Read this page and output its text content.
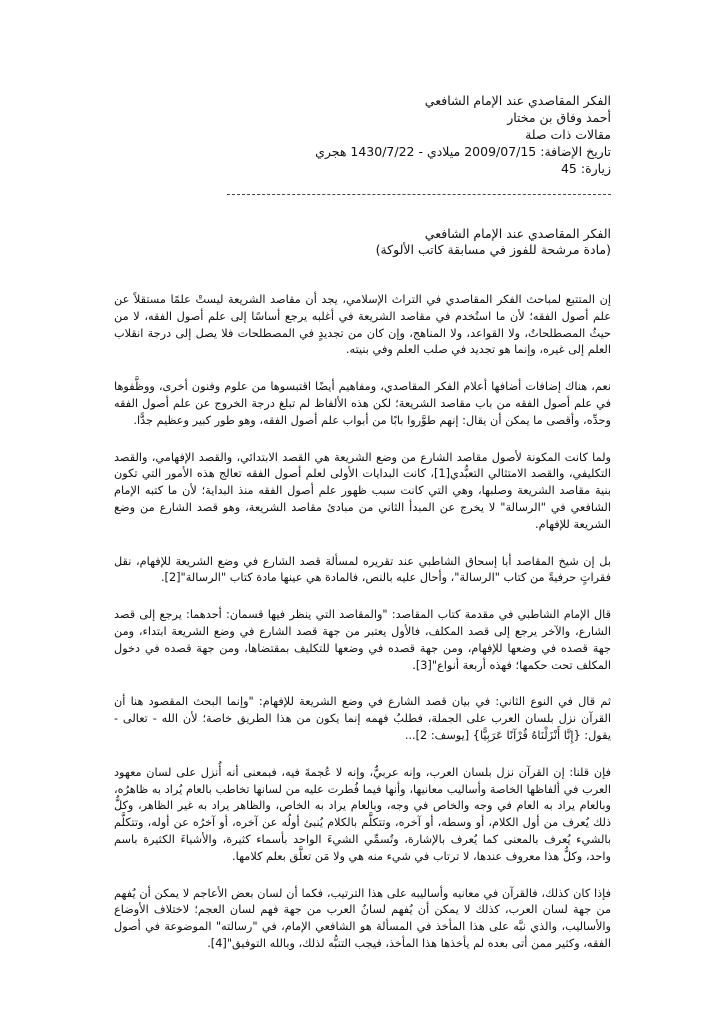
الفكر المقاصدي عند الإمام الشافعي
أحمد وفاق بن مختار
مقالات ذات صلة
تاريخ الإضافة: 2009/07/15 ميلادي - 1430/7/22 هجري
زيارة: 45
الفكر المقاصدي عند الإمام الشافعي
(مادة مرشحة للفوز في مسابقة كاتب الألوكة)

إن المتتبع لمباحث الفكر المقاصدي في التراث الإسلامي، يجد أن مقاصد الشريعة ليستْ علمًا مستقلاً عن علم أصول الفقه؛ لأن ما استُخدم في مقاصد الشريعة في أغلبه يرجع أساسًا إلى علم أصول الفقه، لا من حيثُ المصطلحاتُ، ولا القواعد، ولا المناهج، وإن كان من تجديدٍ في المصطلحات فلا يصل إلى درجة انقلاب العلم إلى غيره، وإنما هو تجديد في صلب العلم وفي بنيته.

نعم، هناك إضافات أضافها أعلام الفكر المقاصدي، ومفاهيم أيضًا اقتبسوها من علوم وفنون أخرى، ووظَّفوها في علم أصول الفقه من باب مقاصد الشريعة؛ لكن هذه الألفاظ لم تبلغ درجة الخروج عن علم أصول الفقه وحدِّه، وأقصى ما يمكن أن يقال: إنهم طوَّروا بابًا من أبواب علم أصول الفقه، وهو طور كبير وعظيم جدًّا.

ولما كانت المكونة لأصول مقاصد الشارع من وضع الشريعة هي القصد الابتدائي، والقصد الإفهامي، والقصد التكليفي، والقصد الامتثالي التعبُّدي[1]، كانت البدايات الأولى لعلم أصول الفقه تعالج هذه الأمور التي تكون بنية مقاصد الشريعة وصلبها، وهي التي كانت سبب ظهور علم أصول الفقه منذ البداية؛ لأن ما كتبه الإمام الشافعي في "الرسالة" لا يخرج عن المبدأ الثاني من مبادئ مقاصد الشريعة، وهو قصد الشارع من وضع الشريعة للإفهام.

بل إن شيخ المقاصد أبا إسحاق الشاطبي عند تقريره لمسألة قصد الشارع في وضع الشريعة للإفهام، نقل فقراتٍ حرفيةً من كتاب "الرسالة"، وأحال عليه بالنص، فالمادة هي عينها مادة كتاب "الرسالة"[2].

قال الإمام الشاطبي في مقدمة كتاب المقاصد: "والمقاصد التي ينظر فيها قسمان: أحدهما: يرجع إلى قصد الشارع، والآخر يرجع إلى قصد المكلف، فالأول يعتبر من جهة قصد الشارع في وضع الشريعة ابتداء، ومن جهة قصده في وضعها للإفهام، ومن جهة قصده في وضعها للتكليف بمقتضاها، ومن جهة قصده في دخول المكلف تحت حكمها؛ فهذه أربعة أنواع"[3].

ثم قال في النوع الثاني: في بيان قصد الشارع في وضع الشريعة للإفهام: "وإنما البحث المقصود هنا أن القرآن نزل بلسان العرب على الجملة، فطلبُ فهمه إنما يكون من هذا الطريق خاصة؛ لأن الله - تعالى - يقول: {إِنَّا أَنْزَلْنَاهُ قُرْآنًا عَرَبِيًّا} [يوسف: 2]...

فإن قلنا: إن القرآن نزل بلسان العرب، وإنه عربيٌّ، وإنه لا عُجمةَ فيه، فبمعنى أنه أُنزل على لسان معهود العرب في ألفاظها الخاصة وأساليب معانيها، وأنها فيما فُطرت عليه من لسانها تخاطب بالعام يُراد به ظاهرُه، وبالعام يراد به العام في وجه والخاص في وجه، وبالعام يراد به الخاص، والظاهر يراد به غير الظاهر، وكلُّ ذلك يُعرف من أول الكلام، أو وسطه، أو آخره، وتتكلَّم بالكلام يُنبئ أولُه عن آخره، أو آخرُه عن أوله، وتتكلَّم بالشيء يُعرف بالمعنى كما يُعرف بالإشارة، وتُسمِّي الشيءَ الواحد بأسماء كثيرة، والأشياءَ الكثيرة باسم واحد، وكلُّ هذا معروف عندها، لا ترتاب في شيء منه هي ولا مَن تعلَّق بعلم كلامها.

فإذا كان كذلك، فالقرآن في معانيه وأساليبه على هذا الترتيب، فكما أن لسان بعض الأعاجم لا يمكن أن يُفهم من جهة لسان العرب، كذلك لا يمكن أن يُفهم لسانُ العرب من جهة فهم لسان العجم؛ لاختلاف الأوضاع والأساليب، والذي نبَّه على هذا المأخذ في المسألة هو الشافعي الإمام، في "رسالته" الموضوعة في أصول الفقه، وكثير ممن أتى بعده لم يأخذها هذا المأخذ، فيجب التنبُّه لذلك، وبالله التوفيق"[4].
